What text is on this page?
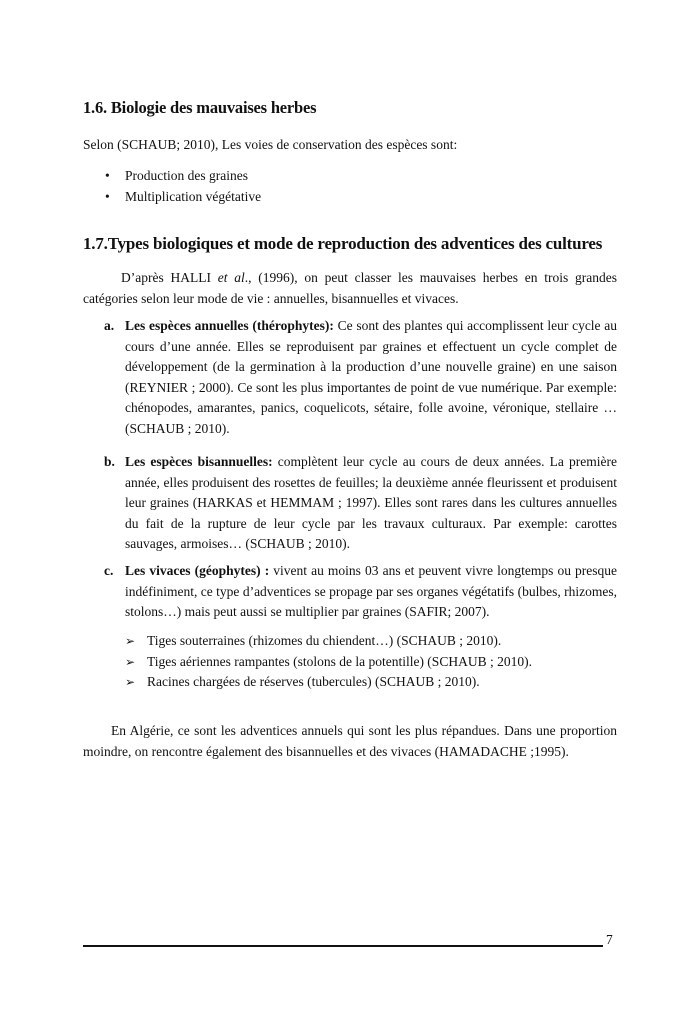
1.6. Biologie des mauvaises herbes

Selon (SCHAUB; 2010), Les voies de conservation des espèces sont:

• Production des graines
• Multiplication végétative
1.7.Types biologiques et mode de reproduction des adventices des cultures

D’après HALLI et al., (1996), on peut classer les mauvaises herbes en trois grandes catégories selon leur mode de vie : annuelles, bisannuelles et vivaces.

a. Les espèces annuelles (thérophytes): Ce sont des plantes qui accomplissent leur cycle au cours d’une année. Elles se reproduisent par graines et effectuent un cycle complet de développement (de la germination à la production d’une nouvelle graine) en une saison (REYNIER ; 2000). Ce sont les plus importantes de point de vue numérique. Par exemple: chénopodes, amarantes, panics, coquelicots, sétaire, folle avoine, véronique, stellaire … (SCHAUB ; 2010).

b. Les espèces bisannuelles: complètent leur cycle au cours de deux années. La première année, elles produisent des rosettes de feuilles; la deuxième année fleurissent et produisent leur graines (HARKAS et HEMMAM ; 1997). Elles sont rares dans les cultures annuelles du fait de la rupture de leur cycle par les travaux culturaux. Par exemple: carottes sauvages, armoises… (SCHAUB ; 2010).

c. Les vivaces (géophytes) : vivent au moins 03 ans et peuvent vivre longtemps ou presque indéfiniment, ce type d’adventices se propage par ses organes végétatifs (bulbes, rhizomes, stolons…) mais peut aussi se multiplier par graines (SAFIR; 2007).

➢ Tiges souterraines (rhizomes du chiendent…) (SCHAUB ; 2010).
➢ Tiges aériennes rampantes (stolons de la potentille) (SCHAUB ; 2010).
➢ Racines chargées de réserves (tubercules) (SCHAUB ; 2010).

En Algérie, ce sont les adventices annuels qui sont les plus répandues. Dans une proportion moindre, on rencontre également des bisannuelles et des vivaces (HAMADACHE ;1995).

7
